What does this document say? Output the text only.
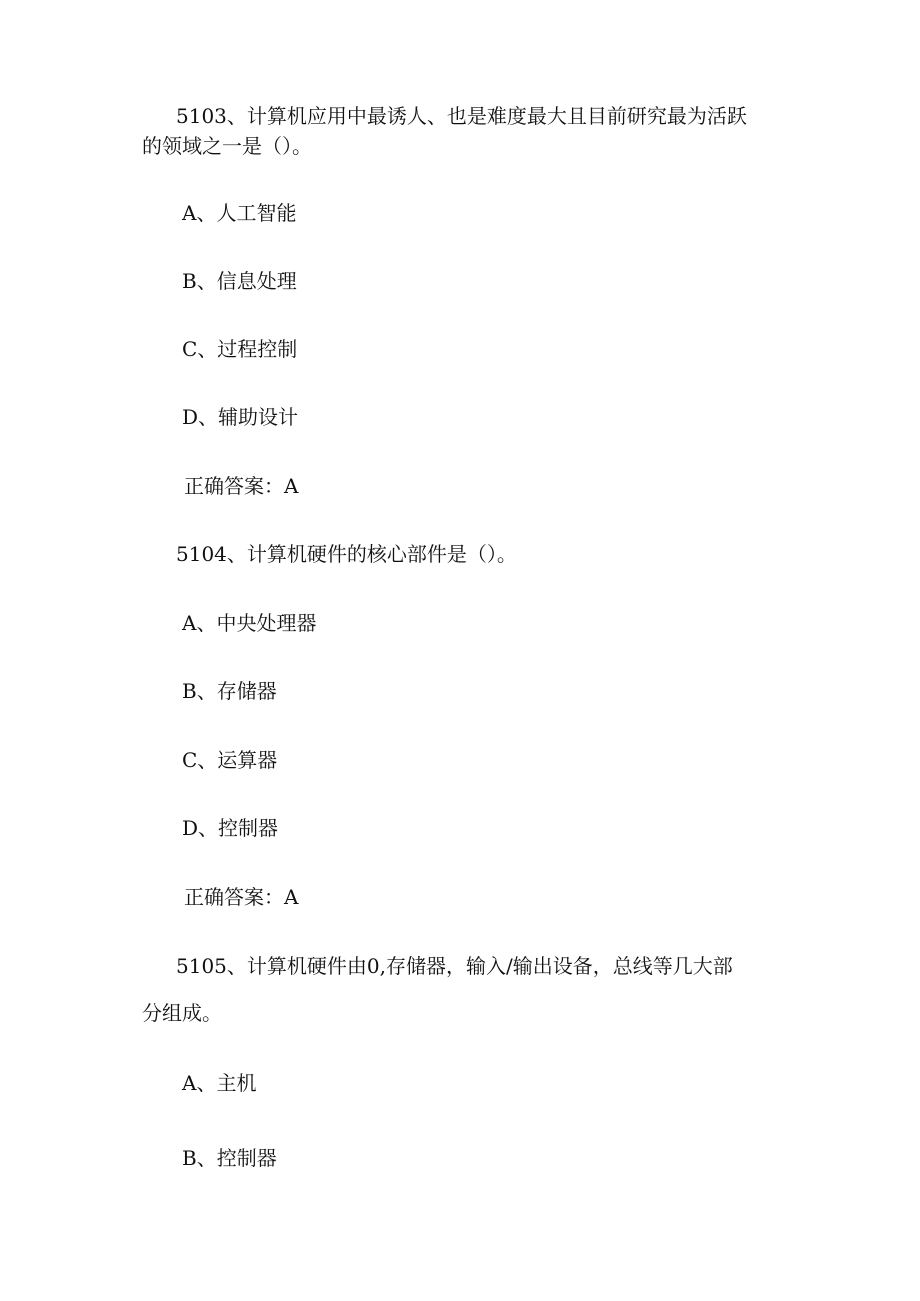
5103、计算机应用中最诱人、也是难度最大且目前研究最为活跃
的领域之一是（）。
A、人工智能
B、信息处理
C、过程控制
D、辅助设计
正确答案：A
5104、计算机硬件的核心部件是（）。
A、中央处理器
B、存储器
C、运算器
D、控制器
正确答案：A
5105、计算机硬件由0,存储器，输入/输出设备，总线等几大部
分组成。
A、主机
B、控制器
